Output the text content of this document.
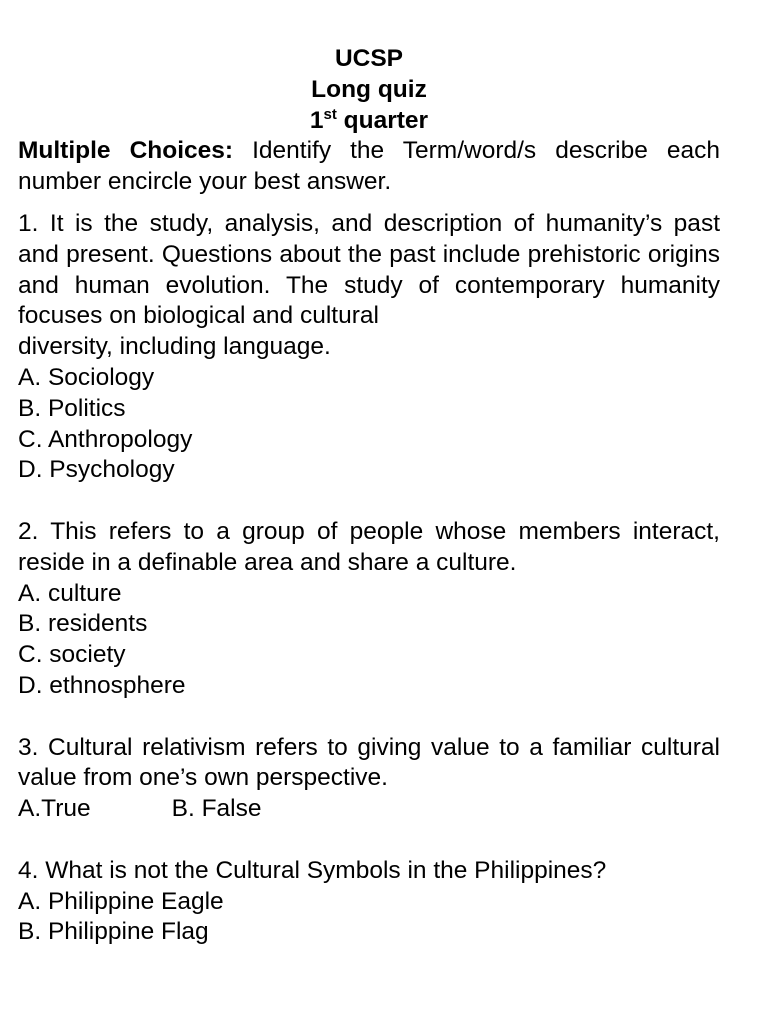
UCSP
Long quiz
1st quarter
Multiple Choices: Identify the Term/word/s describe each number encircle your best answer.
1. It is the study, analysis, and description of humanity’s past and present. Questions about the past include prehistoric origins and human evolution. The study of contemporary humanity focuses on biological and cultural
diversity, including language.
A. Sociology
B. Politics
C. Anthropology
D. Psychology
2. This refers to a group of people whose members interact, reside in a definable area and share a culture.
A. culture
B. residents
C. society
D. ethnosphere
3. Cultural relativism refers to giving value to a familiar cultural value from one’s own perspective.
A.True	B. False
4. What is not the Cultural Symbols in the Philippines?
A. Philippine Eagle
B. Philippine Flag
